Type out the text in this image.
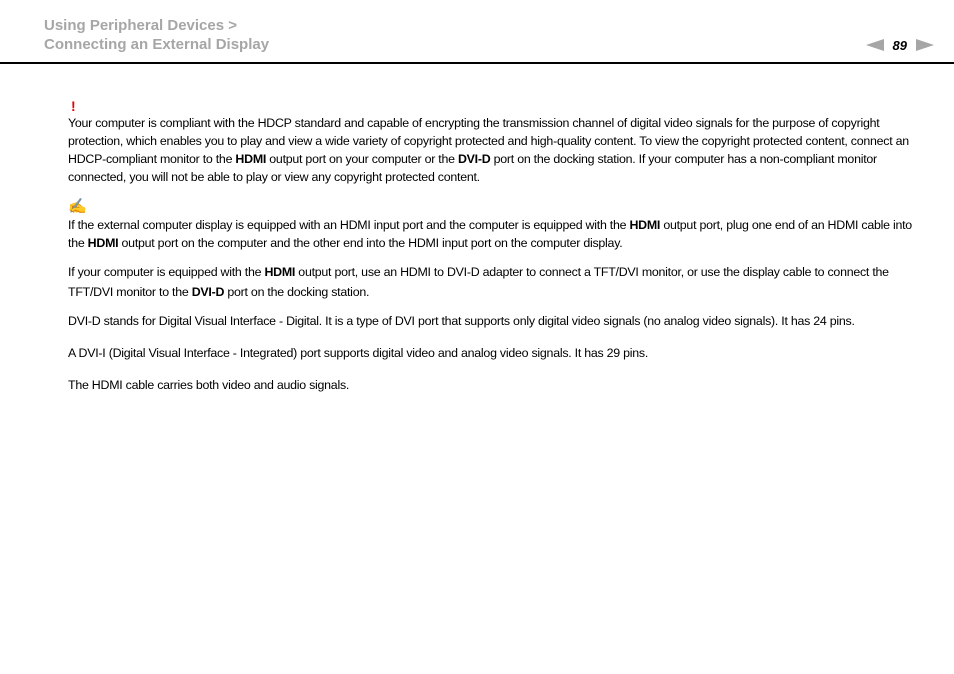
Using Peripheral Devices >
Connecting an External Display	89
!

Your computer is compliant with the HDCP standard and capable of encrypting the transmission channel of digital video signals for the purpose of copyright protection, which enables you to play and view a wide variety of copyright protected and high-quality content. To view the copyright protected content, connect an HDCP-compliant monitor to the HDMI output port on your computer or the DVI-D port on the docking station. If your computer has a non-compliant monitor connected, you will not be able to play or view any copyright protected content.

✍

If the external computer display is equipped with an HDMI input port and the computer is equipped with the HDMI output port, plug one end of an HDMI cable into the HDMI output port on the computer and the other end into the HDMI input port on the computer display.

If your computer is equipped with the HDMI output port, use an HDMI to DVI-D adapter to connect a TFT/DVI monitor, or use the display cable to connect the TFT/DVI monitor to the DVI-D port on the docking station.

DVI-D stands for Digital Visual Interface - Digital. It is a type of DVI port that supports only digital video signals (no analog video signals). It has 24 pins.

A DVI-I (Digital Visual Interface - Integrated) port supports digital video and analog video signals. It has 29 pins.

The HDMI cable carries both video and audio signals.
